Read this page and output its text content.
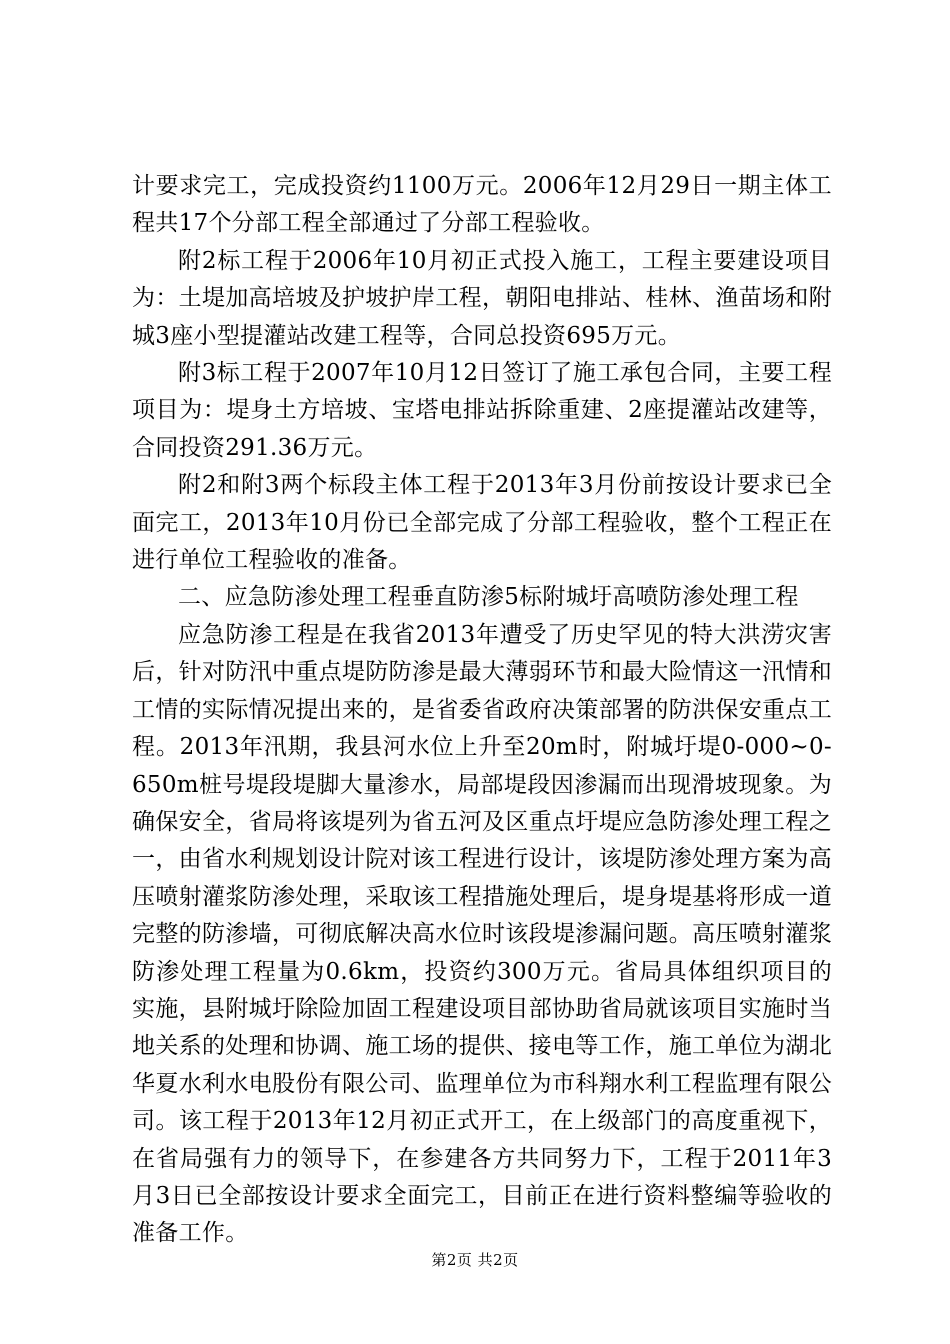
计要求完工，完成投资约1100万元。2006年12月29日一期主体工程共17个分部工程全部通过了分部工程验收。

附2标工程于2006年10月初正式投入施工，工程主要建设项目为：土堤加高培坡及护坡护岸工程，朝阳电排站、桂林、渔苗场和附城3座小型提灌站改建工程等，合同总投资695万元。

附3标工程于2007年10月12日签订了施工承包合同，主要工程项目为：堤身土方培坡、宝塔电排站拆除重建、2座提灌站改建等，合同投资291.36万元。

附2和附3两个标段主体工程于2013年3月份前按设计要求已全面完工，2013年10月份已全部完成了分部工程验收，整个工程正在进行单位工程验收的准备。

二、应急防渗处理工程垂直防渗5标附城圩高喷防渗处理工程

应急防渗工程是在我省2013年遭受了历史罕见的特大洪涝灾害后，针对防汛中重点堤防防渗是最大薄弱环节和最大险情这一汛情和工情的实际情况提出来的，是省委省政府决策部署的防洪保安重点工程。2013年汛期，我县河水位上升至20m时，附城圩堤0-000~0-650m桩号堤段堤脚大量渗水，局部堤段因渗漏而出现滑坡现象。为确保安全，省局将该堤列为省五河及区重点圩堤应急防渗处理工程之一，由省水利规划设计院对该工程进行设计，该堤防渗处理方案为高压喷射灌浆防渗处理，采取该工程措施处理后，堤身堤基将形成一道完整的防渗墙，可彻底解决高水位时该段堤渗漏问题。高压喷射灌浆防渗处理工程量为0.6km，投资约300万元。省局具体组织项目的实施，县附城圩除险加固工程建设项目部协助省局就该项目实施时当地关系的处理和协调、施工场的提供、接电等工作，施工单位为湖北华夏水利水电股份有限公司、监理单位为市科翔水利工程监理有限公司。该工程于2013年12月初正式开工，在上级部门的高度重视下，在省局强有力的领导下，在参建各方共同努力下，工程于2011年3月3日已全部按设计要求全面完工，目前正在进行资料整编等验收的准备工作。

第2页 共2页
